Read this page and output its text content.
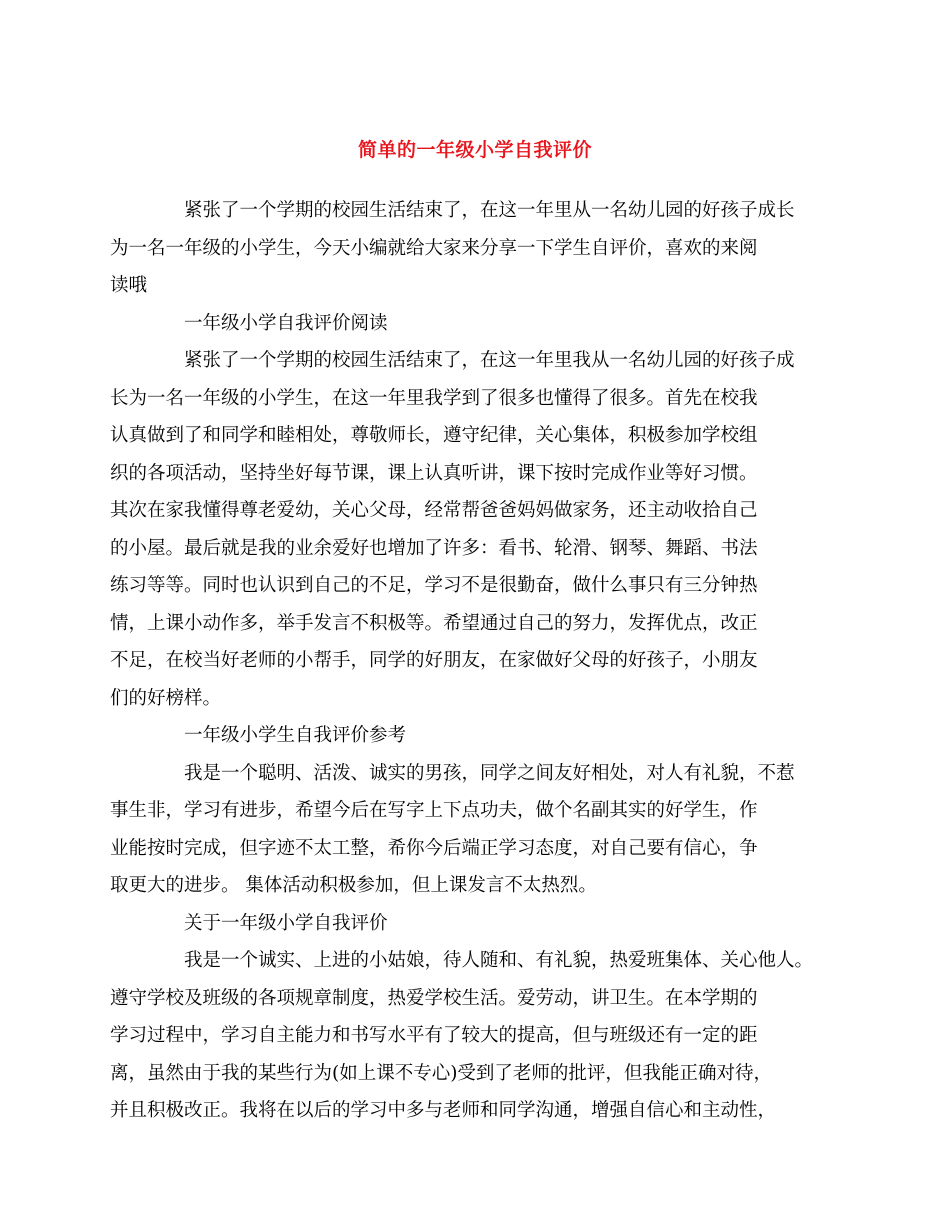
简单的一年级小学自我评价

紧张了一个学期的校园生活结束了，在这一年里从一名幼儿园的好孩子成长
为一名一年级的小学生，今天小编就给大家来分享一下学生自评价，喜欢的来阅
读哦

一年级小学自我评价阅读

紧张了一个学期的校园生活结束了，在这一年里我从一名幼儿园的好孩子成
长为一名一年级的小学生，在这一年里我学到了很多也懂得了很多。首先在校我
认真做到了和同学和睦相处，尊敬师长，遵守纪律，关心集体，积极参加学校组
织的各项活动，坚持坐好每节课，课上认真听讲，课下按时完成作业等好习惯。
其次在家我懂得尊老爱幼，关心父母，经常帮爸爸妈妈做家务，还主动收拾自己
的小屋。最后就是我的业余爱好也增加了许多：看书、轮滑、钢琴、舞蹈、书法
练习等等。同时也认识到自己的不足，学习不是很勤奋，做什么事只有三分钟热
情，上课小动作多，举手发言不积极等。希望通过自己的努力，发挥优点，改正
不足，在校当好老师的小帮手，同学的好朋友，在家做好父母的好孩子，小朋友
们的好榜样。

一年级小学生自我评价参考

我是一个聪明、活泼、诚实的男孩，同学之间友好相处，对人有礼貌，不惹
事生非，学习有进步，希望今后在写字上下点功夫，做个名副其实的好学生，作
业能按时完成，但字迹不太工整，希你今后端正学习态度，对自己要有信心，争
取更大的进步。 集体活动积极参加，但上课发言不太热烈。

关于一年级小学自我评价

我是一个诚实、上进的小姑娘，待人随和、有礼貌，热爱班集体、关心他人。
遵守学校及班级的各项规章制度，热爱学校生活。爱劳动，讲卫生。在本学期的
学习过程中，学习自主能力和书写水平有了较大的提高，但与班级还有一定的距
离，虽然由于我的某些行为(如上课不专心)受到了老师的批评，但我能正确对待，
并且积极改正。我将在以后的学习中多与老师和同学沟通，增强自信心和主动性，
